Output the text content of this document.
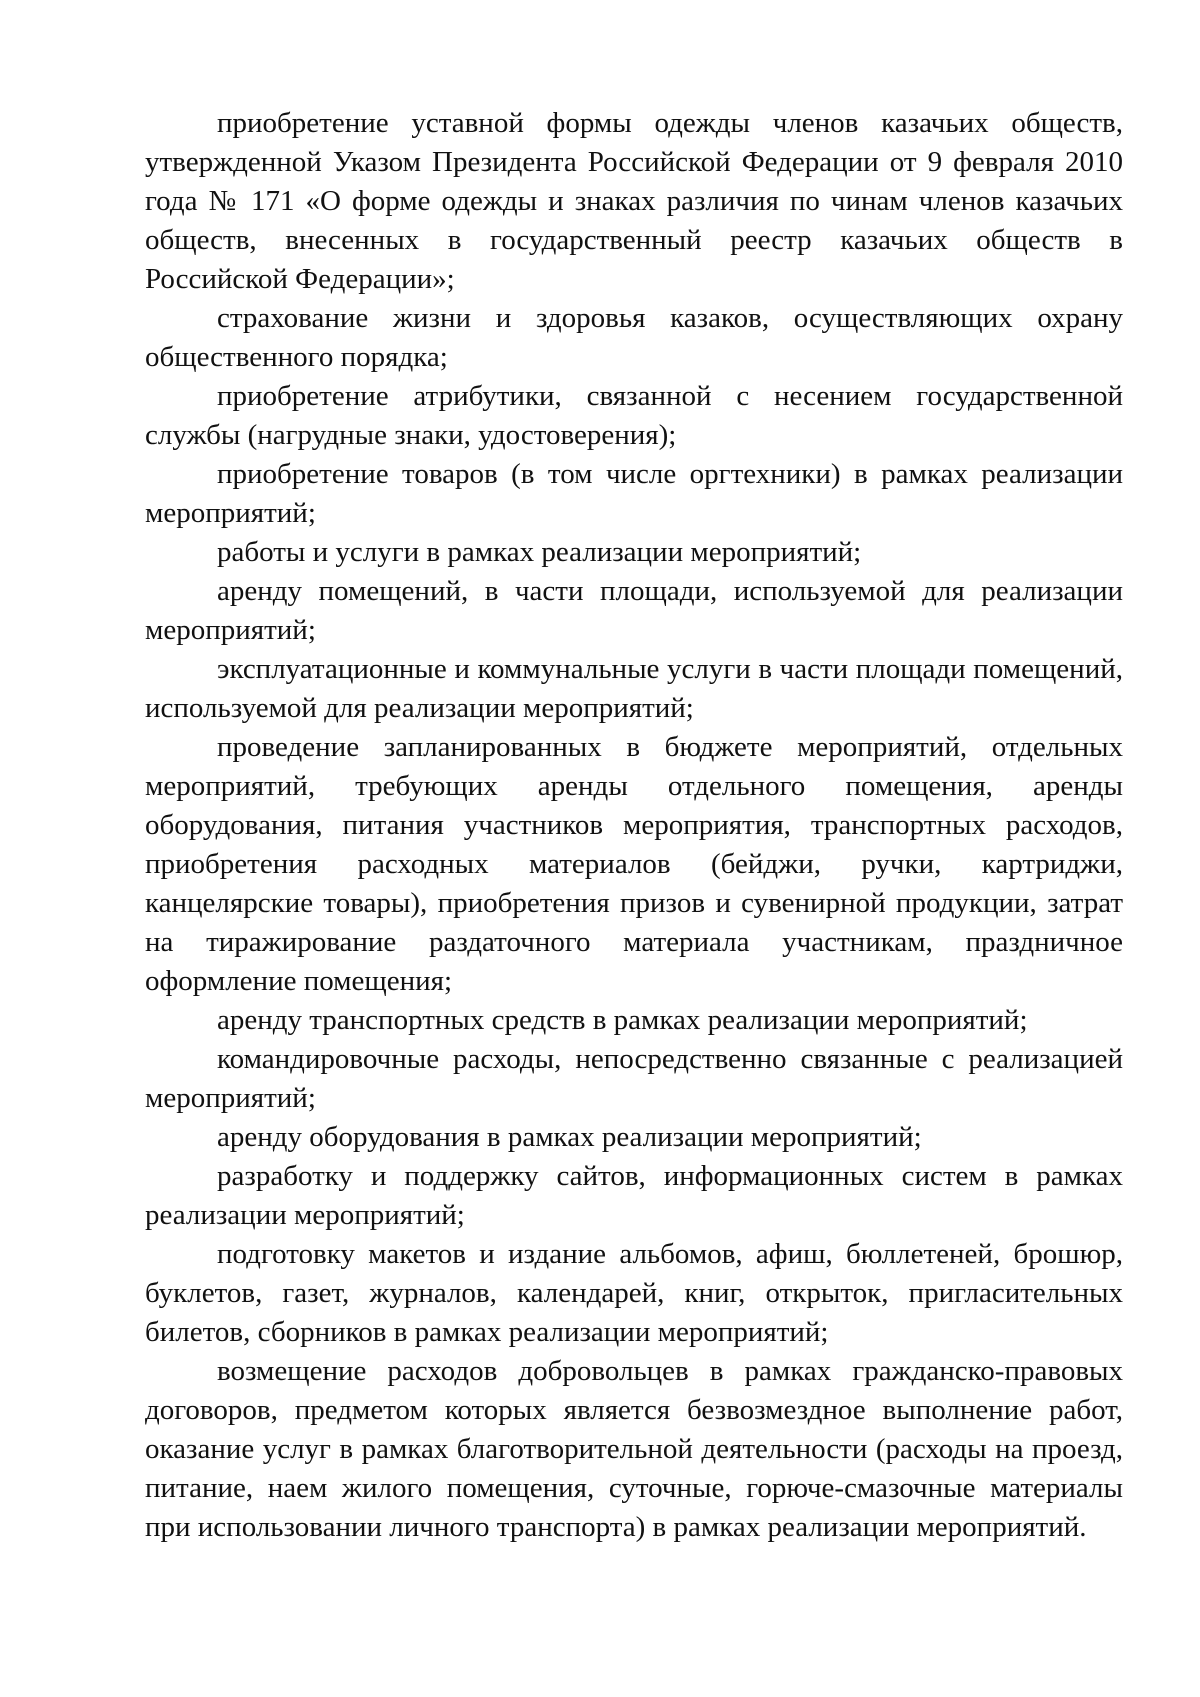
приобретение уставной формы одежды членов казачьих обществ, утвержденной Указом Президента Российской Федерации от 9 февраля 2010 года № 171 «О форме одежды и знаках различия по чинам членов казачьих обществ, внесенных в государственный реестр казачьих обществ в Российской Федерации»;

страхование жизни и здоровья казаков, осуществляющих охрану общественного порядка;

приобретение атрибутики, связанной с несением государственной службы (нагрудные знаки, удостоверения);

приобретение товаров (в том числе оргтехники) в рамках реализации мероприятий;

работы и услуги в рамках реализации мероприятий;

аренду помещений, в части площади, используемой для реализации мероприятий;

эксплуатационные и коммунальные услуги в части площади помещений, используемой для реализации мероприятий;

проведение запланированных в бюджете мероприятий, отдельных мероприятий, требующих аренды отдельного помещения, аренды оборудования, питания участников мероприятия, транспортных расходов, приобретения расходных материалов (бейджи, ручки, картриджи, канцелярские товары), приобретения призов и сувенирной продукции, затрат на тиражирование раздаточного материала участникам, праздничное оформление помещения;

аренду транспортных средств в рамках реализации мероприятий;

командировочные расходы, непосредственно связанные с реализацией мероприятий;

аренду оборудования в рамках реализации мероприятий;

разработку и поддержку сайтов, информационных систем в рамках реализации мероприятий;

подготовку макетов и издание альбомов, афиш, бюллетеней, брошюр, буклетов, газет, журналов, календарей, книг, открыток, пригласительных билетов, сборников в рамках реализации мероприятий;

возмещение расходов добровольцев в рамках гражданско-правовых договоров, предметом которых является безвозмездное выполнение работ, оказание услуг в рамках благотворительной деятельности (расходы на проезд, питание, наем жилого помещения, суточные, горюче-смазочные материалы при использовании личного транспорта) в рамках реализации мероприятий.
